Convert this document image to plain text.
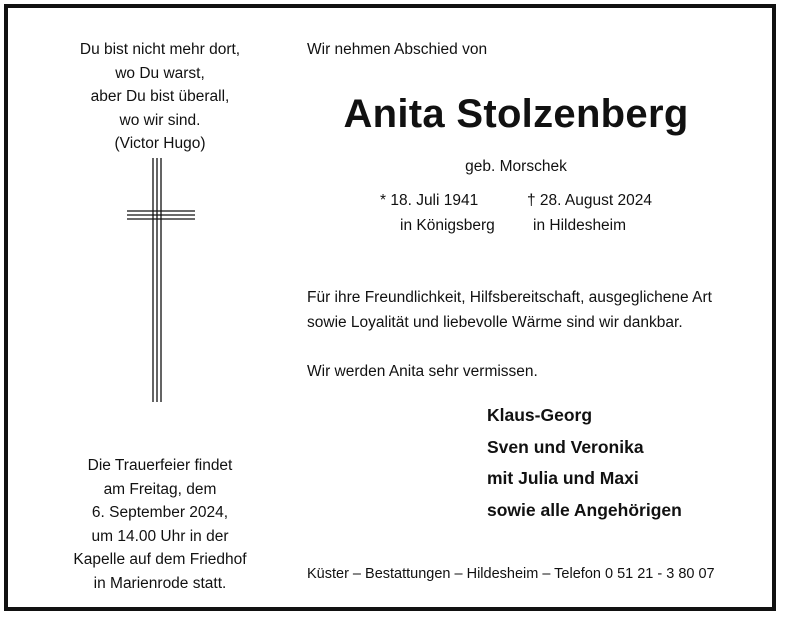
Du bist nicht mehr dort,
wo Du warst,
aber Du bist überall,
wo wir sind.
(Victor Hugo)
Die Trauerfeier findet
am Freitag, dem
6. September 2024,
um 14.00 Uhr in der
Kapelle auf dem Friedhof
in Marienrode statt.
Wir nehmen Abschied von
Anita Stolzenberg
geb. Morschek
* 18. Juli 1941	† 28. August 2024
in Königsberg	in Hildesheim
Für ihre Freundlichkeit, Hilfsbereitschaft, ausgeglichene Art
sowie Loyalität und liebevolle Wärme sind wir dankbar.
Wir werden Anita sehr vermissen.
Klaus-Georg
Sven und Veronika
mit Julia und Maxi
sowie alle Angehörigen
Küster – Bestattungen – Hildesheim – Telefon 0 51 21 - 3 80 07
